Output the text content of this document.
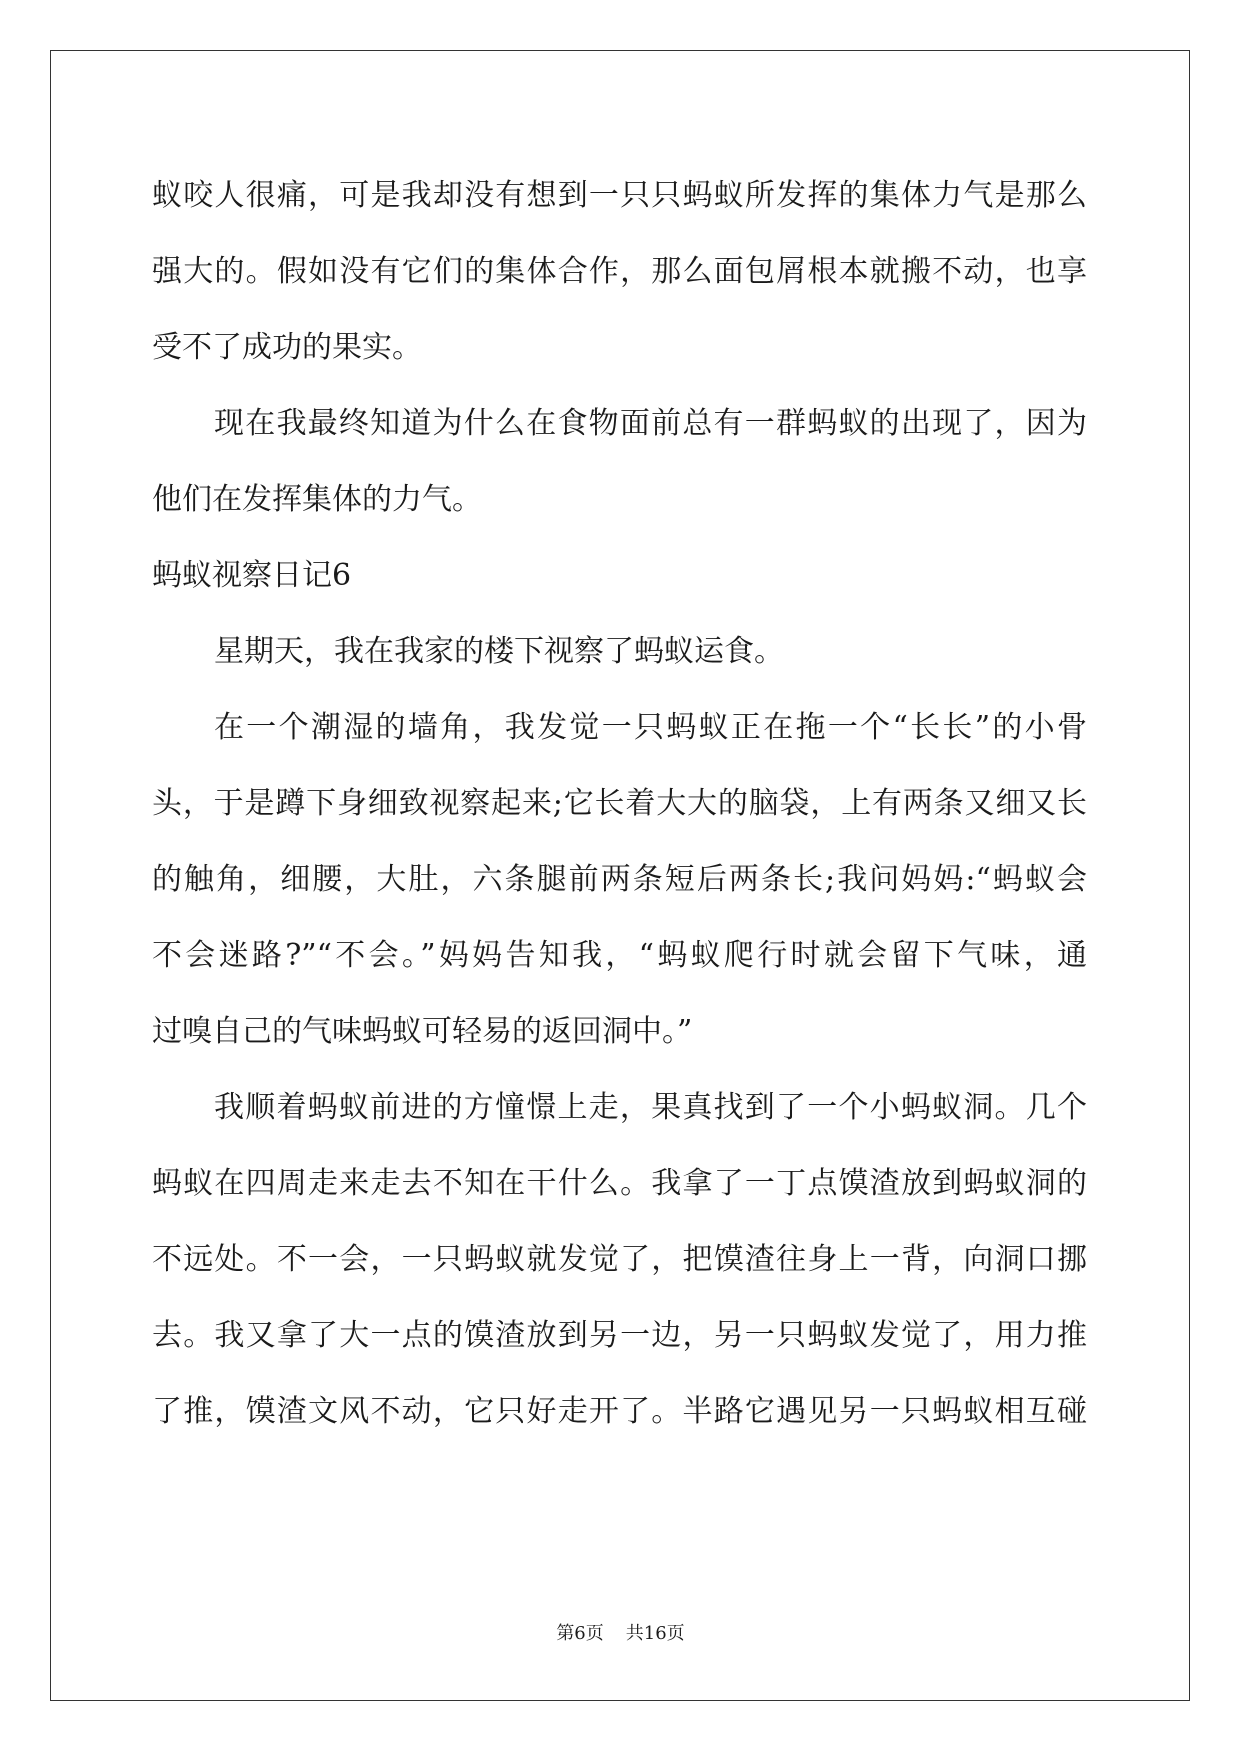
蚁咬人很痛，可是我却没有想到一只只蚂蚁所发挥的集体力气是那么
强大的。假如没有它们的集体合作，那么面包屑根本就搬不动，也享
受不了成功的果实。
现在我最终知道为什么在食物面前总有一群蚂蚁的出现了，因为
他们在发挥集体的力气。
蚂蚁视察日记6
星期天，我在我家的楼下视察了蚂蚁运食。
在一个潮湿的墙角，我发觉一只蚂蚁正在拖一个“长长”的小骨
头，于是蹲下身细致视察起来;它长着大大的脑袋，上有两条又细又长
的触角，细腰，大肚，六条腿前两条短后两条长;我问妈妈:“蚂蚁会
不会迷路?”“不会。”妈妈告知我，“蚂蚁爬行时就会留下气味，通
过嗅自己的气味蚂蚁可轻易的返回洞中。”
我顺着蚂蚁前进的方憧憬上走，果真找到了一个小蚂蚁洞。几个
蚂蚁在四周走来走去不知在干什么。我拿了一丁点馍渣放到蚂蚁洞的
不远处。不一会，一只蚂蚁就发觉了，把馍渣往身上一背，向洞口挪
去。我又拿了大一点的馍渣放到另一边，另一只蚂蚁发觉了，用力推
了推，馍渣文风不动，它只好走开了。半路它遇见另一只蚂蚁相互碰
第6页 共16页
